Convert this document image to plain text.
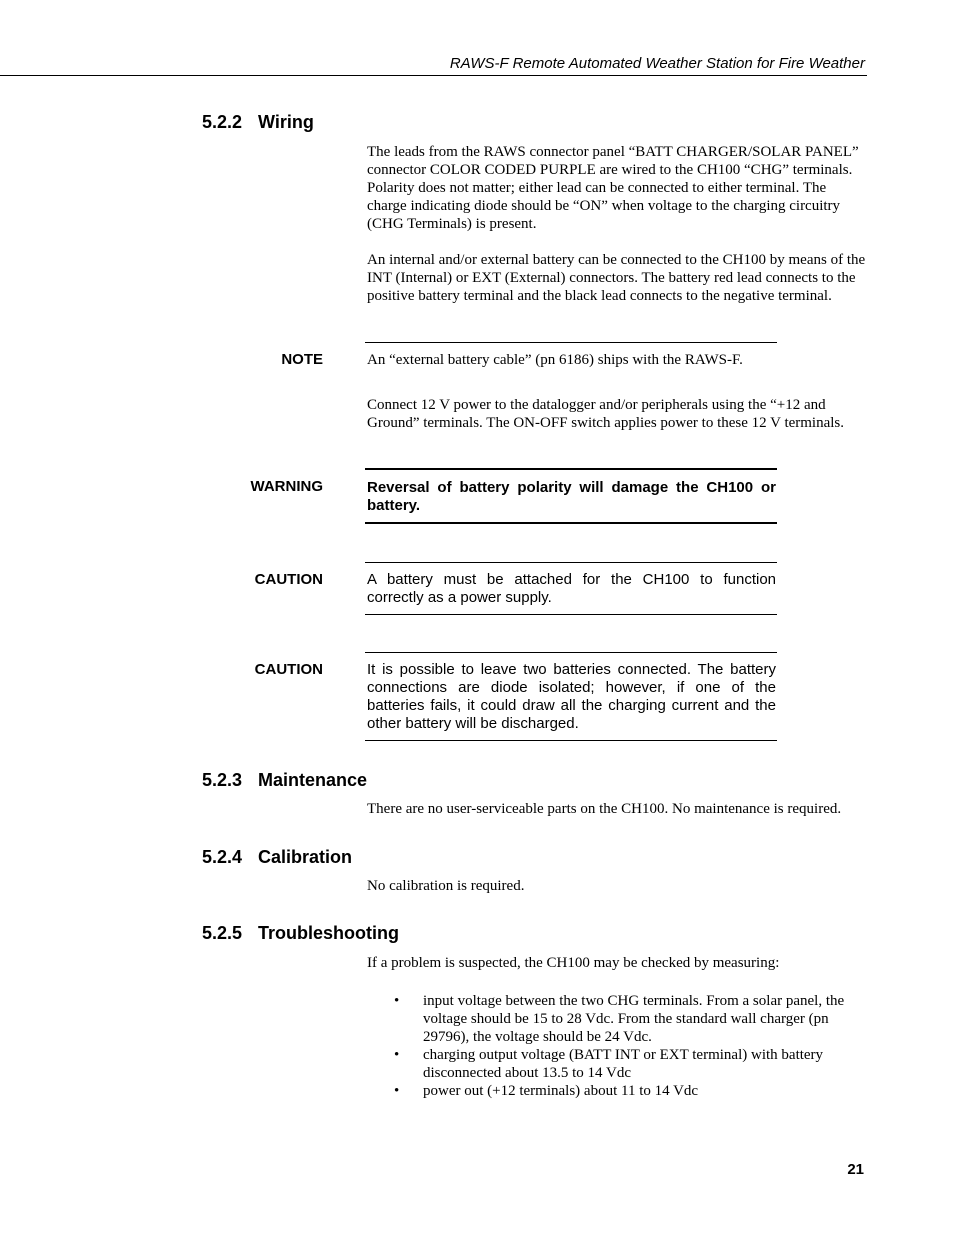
RAWS-F Remote Automated Weather Station for Fire Weather
5.2.2 Wiring

The leads from the RAWS connector panel “BATT CHARGER/SOLAR PANEL” connector COLOR CODED PURPLE are wired to the CH100 “CHG” terminals. Polarity does not matter; either lead can be connected to either terminal. The charge indicating diode should be “ON” when voltage to the charging circuitry (CHG Terminals) is present.

An internal and/or external battery can be connected to the CH100 by means of the INT (Internal) or EXT (External) connectors. The battery red lead connects to the positive battery terminal and the black lead connects to the negative terminal.

NOTE	An “external battery cable” (pn 6186) ships with the RAWS-F.

Connect 12 V power to the datalogger and/or peripherals using the “+12 and Ground” terminals. The ON-OFF switch applies power to these 12 V terminals.

WARNING	Reversal of battery polarity will damage the CH100 or battery.
CAUTION	A battery must be attached for the CH100 to function correctly as a power supply.
CAUTION	It is possible to leave two batteries connected. The battery connections are diode isolated; however, if one of the batteries fails, it could draw all the charging current and the other battery will be discharged.
5.2.3 Maintenance
There are no user-serviceable parts on the CH100. No maintenance is required.
5.2.4 Calibration
No calibration is required.
5.2.5 Troubleshooting
If a problem is suspected, the CH100 may be checked by measuring:
• input voltage between the two CHG terminals. From a solar panel, the voltage should be 15 to 28 Vdc. From the standard wall charger (pn 29796), the voltage should be 24 Vdc.
• charging output voltage (BATT INT or EXT terminal) with battery disconnected about 13.5 to 14 Vdc
• power out (+12 terminals) about 11 to 14 Vdc
21
